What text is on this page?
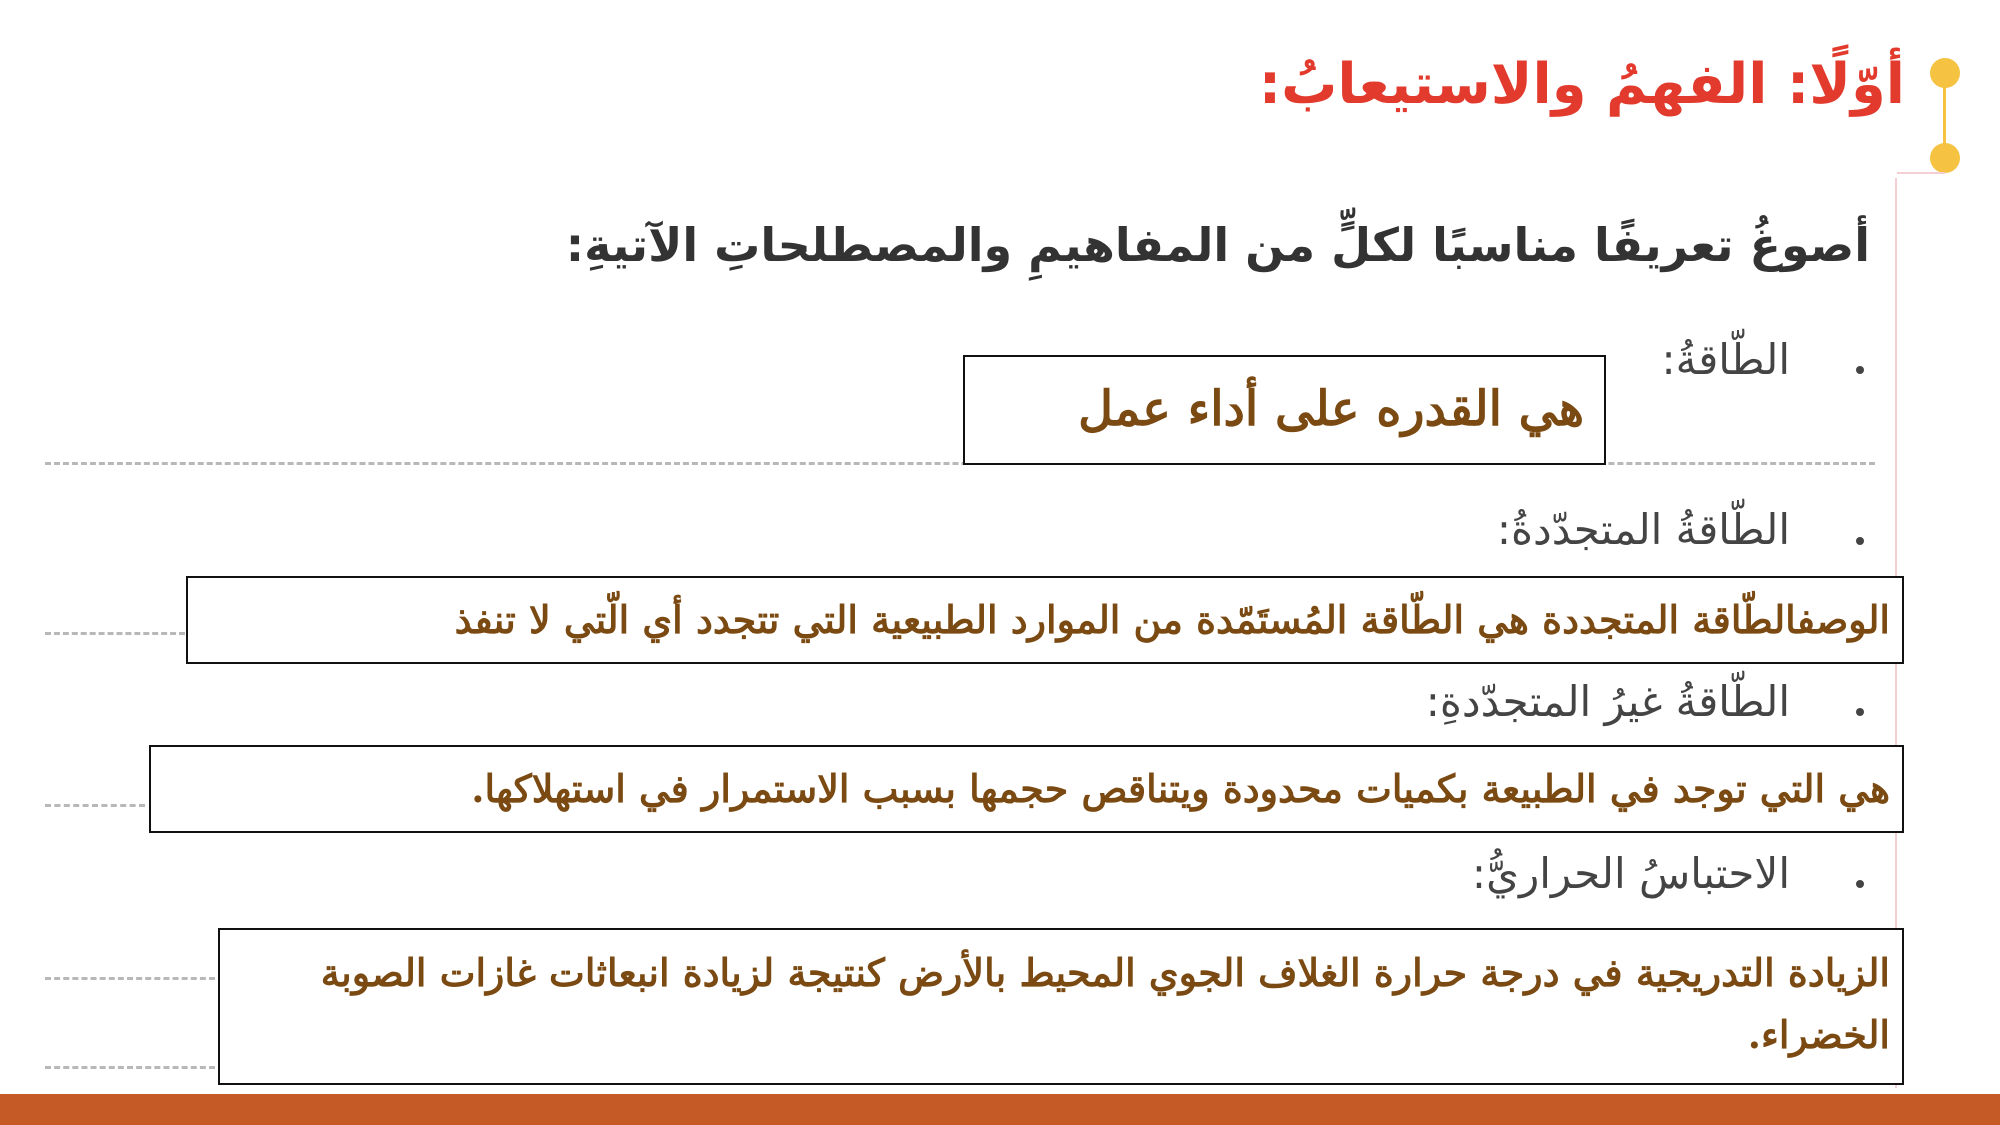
أوّلًا: الفهمُ والاستيعابُ:
أصوغُ تعريفًا مناسبًا لكلٍّ من المفاهيمِ والمصطلحاتِ الآتيةِ:
الطّاقةُ:
هي القدره على أداء عمل
الطّاقةُ المتجدّدةُ:
الوصفالطّاقة المتجددة هي الطّاقة المُستَمّدة من الموارد الطبيعية التي تتجدد أي الّتي لا تنفذ
الطّاقةُ غيرُ المتجدّدةِ:
هي التي توجد في الطبيعة بكميات محدودة ويتناقص حجمها بسبب الاستمرار في استهلاكها.
الاحتباسُ الحراريُّ:
الزيادة التدريجية في درجة حرارة الغلاف الجوي المحيط بالأرض كنتيجة لزيادة انبعاثات غازات الصوبة الخضراء.
